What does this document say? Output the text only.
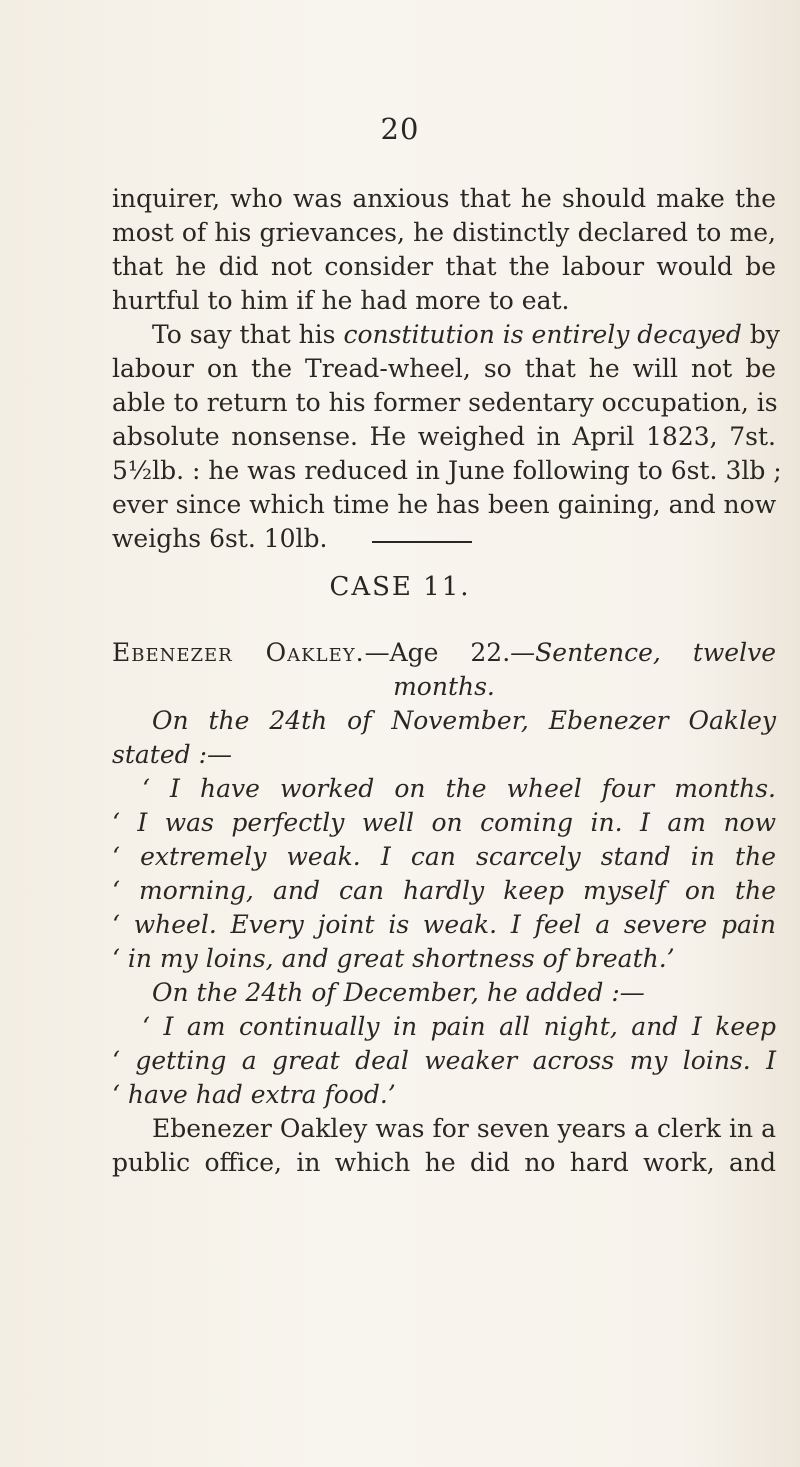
20
inquirer, who was anxious that he should make the
most of his grievances, he distinctly declared to me,
that he did not consider that the labour would be
hurtful to him if he had more to eat.
To say that his constitution is entirely decayed by
labour on the Tread-wheel, so that he will not be
able to return to his former sedentary occupation, is
absolute nonsense. He weighed in April 1823, 7st.
5½lb. : he was reduced in June following to 6st. 3lb ;
ever since which time he has been gaining, and now
weighs 6st. 10lb.
CASE 11.
Ebenezer Oakley.—Age 22.—Sentence, twelve
months.
On the 24th of November, Ebenezer Oakley
stated :—
‘ I have worked on the wheel four months.
‘ I was perfectly well on coming in. I am now
‘ extremely weak. I can scarcely stand in the
‘ morning, and can hardly keep myself on the
‘ wheel. Every joint is weak. I feel a severe pain
‘ in my loins, and great shortness of breath.’
On the 24th of December, he added :—
‘ I am continually in pain all night, and I keep
‘ getting a great deal weaker across my loins. I
‘ have had extra food.’
Ebenezer Oakley was for seven years a clerk in a
public office, in which he did no hard work, and
